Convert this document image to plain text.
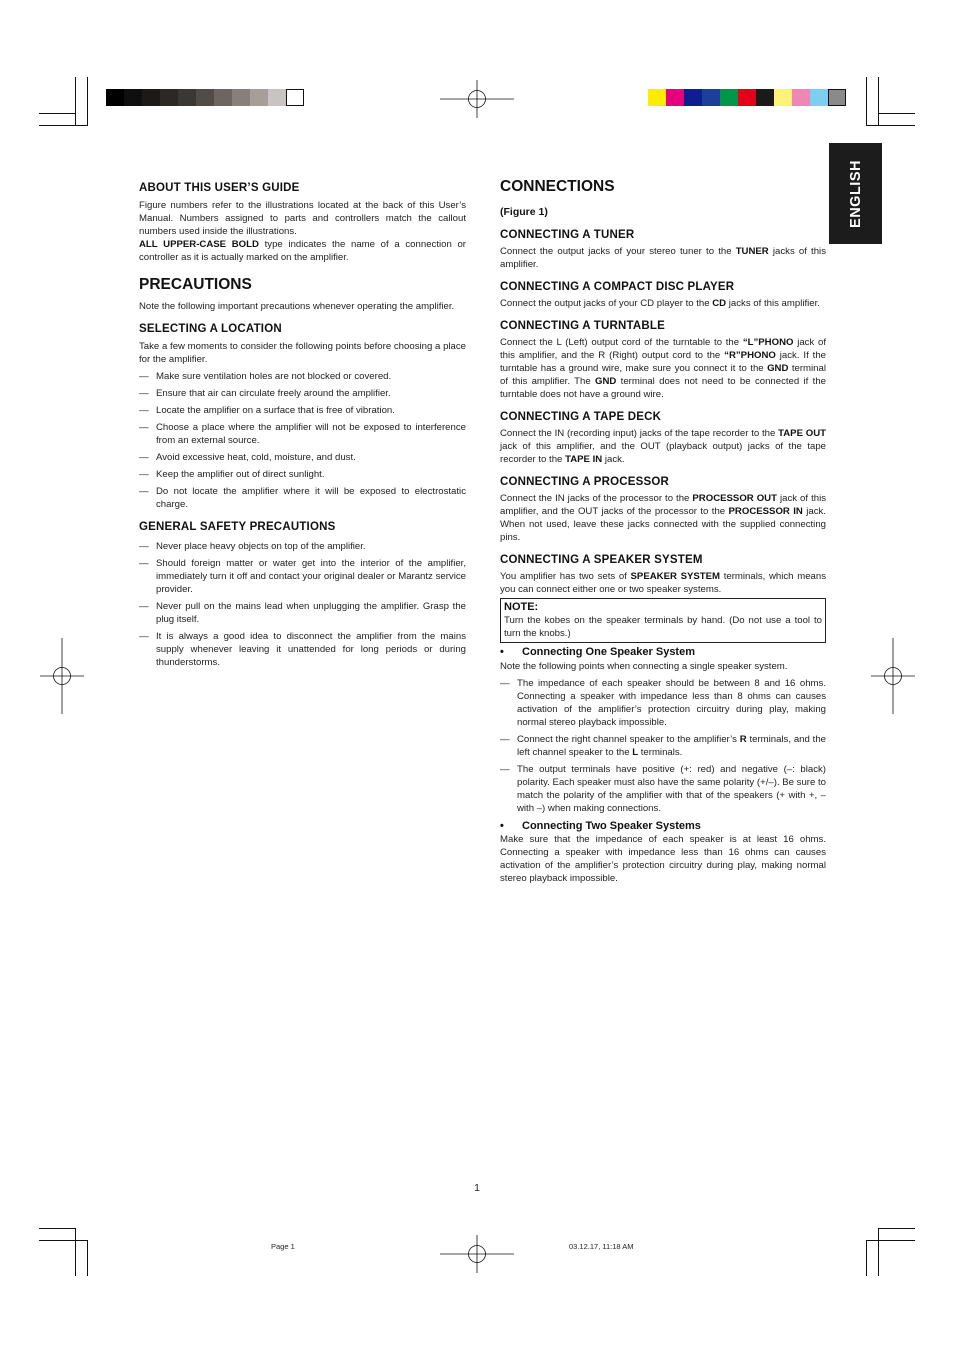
ENGLISH
ABOUT THIS USER’S GUIDE

Figure numbers refer to the illustrations located at the back of this User’s Manual. Numbers assigned to parts and controllers match the callout numbers used inside the illustrations.

ALL UPPER-CASE BOLD type indicates the name of a connection or controller as it is actually marked on the amplifier.

PRECAUTIONS

Note the following important precautions whenever operating the amplifier.

SELECTING A LOCATION

Take a few moments to consider the following points before choosing a place for the amplifier.

— Make sure ventilation holes are not blocked or covered.

— Ensure that air can circulate freely around the amplifier.

— Locate the amplifier on a surface that is free of vibration.

— Choose a place where the amplifier will not be exposed to interference from an external source.

— Avoid excessive heat, cold, moisture, and dust.

— Keep the amplifier out of direct sunlight.

— Do not locate the amplifier where it will be exposed to electrostatic charge.

GENERAL SAFETY PRECAUTIONS

— Never place heavy objects on top of the amplifier.

— Should foreign matter or water get into the interior of the amplifier, immediately turn it off and contact your original dealer or Marantz service provider.

— Never pull on the mains lead when unplugging the amplifier. Grasp the plug itself.

— It is always a good idea to disconnect the amplifier from the mains supply whenever leaving it unattended for long periods or during thunderstorms.

CONNECTIONS

(Figure 1)

CONNECTING A TUNER

Connect the output jacks of your stereo tuner to the TUNER jacks of this amplifier.

CONNECTING A COMPACT DISC PLAYER

Connect the output jacks of your CD player to the CD jacks of this amplifier.

CONNECTING A TURNTABLE

Connect the L (Left) output cord of the turntable to the “L”PHONO jack of this amplifier, and the R (Right) output cord to the “R”PHONO jack. If the turntable has a ground wire, make sure you connect it to the GND terminal of this amplifier. The GND terminal does not need to be connected if the turntable does not have a ground wire.

CONNECTING A TAPE DECK

Connect the IN (recording input) jacks of the tape recorder to the TAPE OUT jack of this amplifier, and the OUT (playback output) jacks of the tape recorder to the TAPE IN jack.

CONNECTING A PROCESSOR

Connect the IN jacks of the processor to the PROCESSOR OUT jack of this amplifier, and the OUT jacks of the processor to the PROCESSOR IN jack. When not used, leave these jacks connected with the supplied connecting pins.

CONNECTING A SPEAKER SYSTEM

You amplifier has two sets of SPEAKER SYSTEM terminals, which means you can connect either one or two speaker systems.

NOTE:

Turn the kobes on the speaker terminals by hand. (Do not use a tool to turn the knobs.)

• Connecting One Speaker System

Note the following points when connecting a single speaker system.

— The impedance of each speaker should be between 8 and 16 ohms. Connecting a speaker with impedance less than 8 ohms can causes activation of the amplifier’s protection circuitry during play, making normal stereo playback impossible.

— Connect the right channel speaker to the amplifier’s R terminals, and the left channel speaker to the L terminals.

— The output terminals have positive (+: red) and negative (–: black) polarity. Each speaker must also have the same polarity (+/–). Be sure to match the polarity of the amplifier with that of the speakers (+ with +, – with –) when making connections.

• Connecting Two Speaker Systems

Make sure that the impedance of each speaker is at least 16 ohms. Connecting a speaker with impedance less than 16 ohms can causes activation of the amplifier’s protection circuitry during play, making normal stereo playback impossible.

1
Page 1	03.12.17, 11:18 AM
